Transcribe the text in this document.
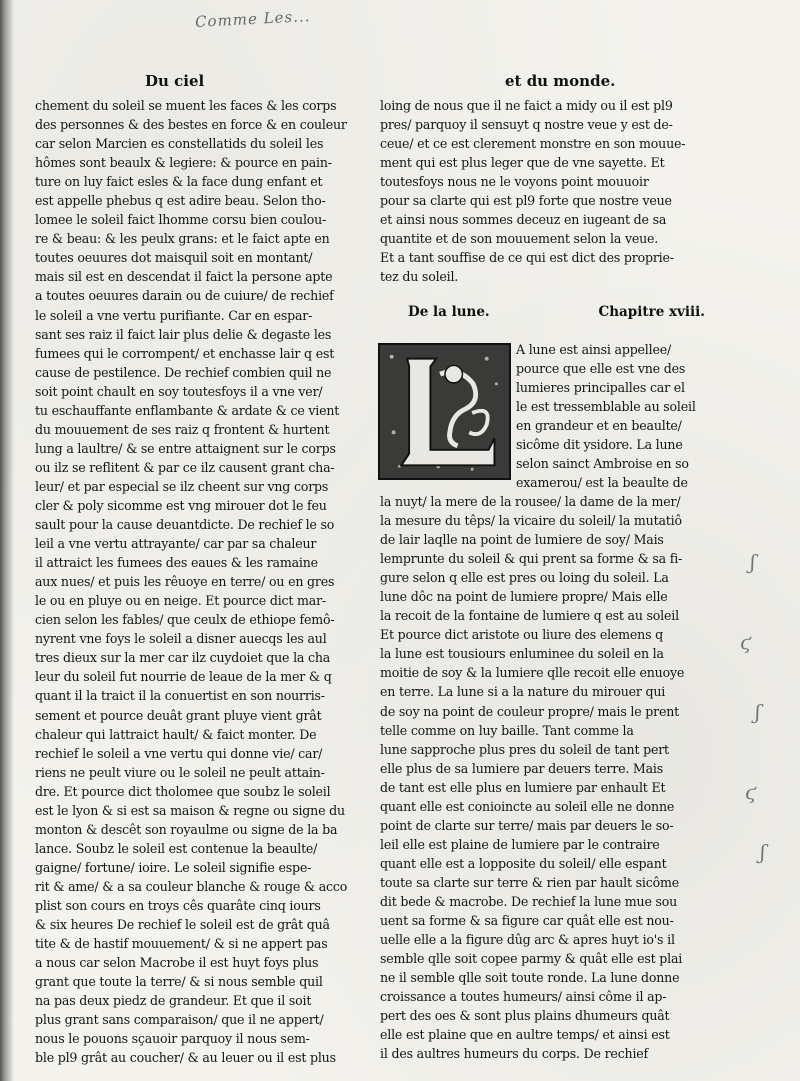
Comme Les...
Du ciel	et du monde.
chement du soleil se muent les faces & les corps
des personnes & des bestes en force & en couleur
car selon Marcien es constellatids du soleil les
hômes sont beaulx & legiere: & pource en pain-
ture on luy faict esles & la face dung enfant et
est appelle phebus q est adire beau. Selon tho-
lomee le soleil faict lhomme corsu bien coulou-
re & beau: & les peulx grans: et le faict apte en
toutes oeuures dot maisquil soit en montant/
mais sil est en descendat il faict la persone apte
a toutes oeuures darain ou de cuiure/ de rechief
le soleil a vne vertu purifiante. Car en espar-
sant ses raiz il faict lair plus delie & degaste les
fumees qui le corrompent/ et enchasse lair q est
cause de pestilence. De rechief combien quil ne
soit point chault en soy toutesfoys il a vne ver/
tu eschauffante enflambante & ardate & ce vient
du mouuement de ses raiz q frontent & hurtent
lung a laultre/ & se entre attaignent sur le corps
ou ilz se reflitent & par ce ilz causent grant cha-
leur/ et par especial se ilz cheent sur vng corps
cler & poly sicomme est vng mirouer dot le feu
sault pour la cause deuantdicte. De rechief le so
leil a vne vertu attrayante/ car par sa chaleur
il attraict les fumees des eaues & les ramaine
aux nues/ et puis les rêuoye en terre/ ou en gres
le ou en pluye ou en neige. Et pource dict mar-
cien selon les fables/ que ceulx de ethiope femô-
nyrent vne foys le soleil a disner auecqs les aul
tres dieux sur la mer car ilz cuydoiet que la cha
leur du soleil fut nourrie de leaue de la mer & q
quant il la traict il la conuertist en son nourris-
sement et pource deuât grant pluye vient grât
chaleur qui lattraict hault/ & faict monter. De
rechief le soleil a vne vertu qui donne vie/ car/
riens ne peult viure ou le soleil ne peult attain-
dre. Et pource dict tholomee que soubz le soleil
est le lyon & si est sa maison & regne ou signe du
monton & descêt son royaulme ou signe de la ba
lance. Soubz le soleil est contenue la beaulte/
gaigne/ fortune/ ioire. Le soleil signifie espe-
rit & ame/ & a sa couleur blanche & rouge & acco
plist son cours en troys cês quarâte cinq iours
& six heures De rechief le soleil est de grât quâ
tite & de hastif mouuement/ & si ne appert pas
a nous car selon Macrobe il est huyt foys plus
grant que toute la terre/ & si nous semble quil
na pas deux piedz de grandeur. Et que il soit
plus grant sans comparaison/ que il ne appert/
nous le pouons sçauoir parquoy il nous sem-
ble pl9 grât au coucher/ & au leuer ou il est plus
loing de nous que il ne faict a midy ou il est pl9
pres/ parquoy il sensuyt q nostre veue y est de-
ceue/ et ce est clerement monstre en son mouue-
ment qui est plus leger que de vne sayette. Et
toutesfoys nous ne le voyons point mouuoir
pour sa clarte qui est pl9 forte que nostre veue
et ainsi nous sommes deceuz en iugeant de sa
quantite et de son mouuement selon la veue.
Et a tant souffise de ce qui est dict des proprie-
tez du soleil.
De la lune.	Chapitre xviii.
A lune est ainsi appellee/
pource que elle est vne des
lumieres principalles car el
le est tressemblable au soleil
en grandeur et en beaulte/
sicôme dit ysidore. La lune
selon sainct Ambroise en so
examerou/ est la beaulte de
la nuyt/ la mere de la rousee/ la dame de la mer/
la mesure du têps/ la vicaire du soleil/ la mutatiô
de lair laqlle na point de lumiere de soy/ Mais
lemprunte du soleil & qui prent sa forme & sa fi-
gure selon q elle est pres ou loing du soleil. La
lune dôc na point de lumiere propre/ Mais elle
la recoit de la fontaine de lumiere q est au soleil
Et pource dict aristote ou liure des elemens q
la lune est tousiours enluminee du soleil en la
moitie de soy & la lumiere qlle recoit elle enuoye
en terre. La lune si a la nature du mirouer qui
de soy na point de couleur propre/ mais le prent
telle comme on luy baille. Tant comme la
lune sapproche plus pres du soleil de tant pert
elle plus de sa lumiere par deuers terre. Mais
de tant est elle plus en lumiere par enhault Et
quant elle est conioincte au soleil elle ne donne
point de clarte sur terre/ mais par deuers le so-
leil elle est plaine de lumiere par le contraire
quant elle est a lopposite du soleil/ elle espant
toute sa clarte sur terre & rien par hault sicôme
dit bede & macrobe. De rechief la lune mue sou
uent sa forme & sa figure car quât elle est nou-
uelle elle a la figure dûg arc & apres huyt io's il
semble qlle soit copee parmy & quât elle est plai
ne il semble qlle soit toute ronde. La lune donne
croissance a toutes humeurs/ ainsi côme il ap-
pert des oes & sont plus plains dhumeurs quât
elle est plaine que en aultre temps/ et ainsi est
il des aultres humeurs du corps. De rechief
ʃ
ϛ
ʃ
ϛ
ʃ
